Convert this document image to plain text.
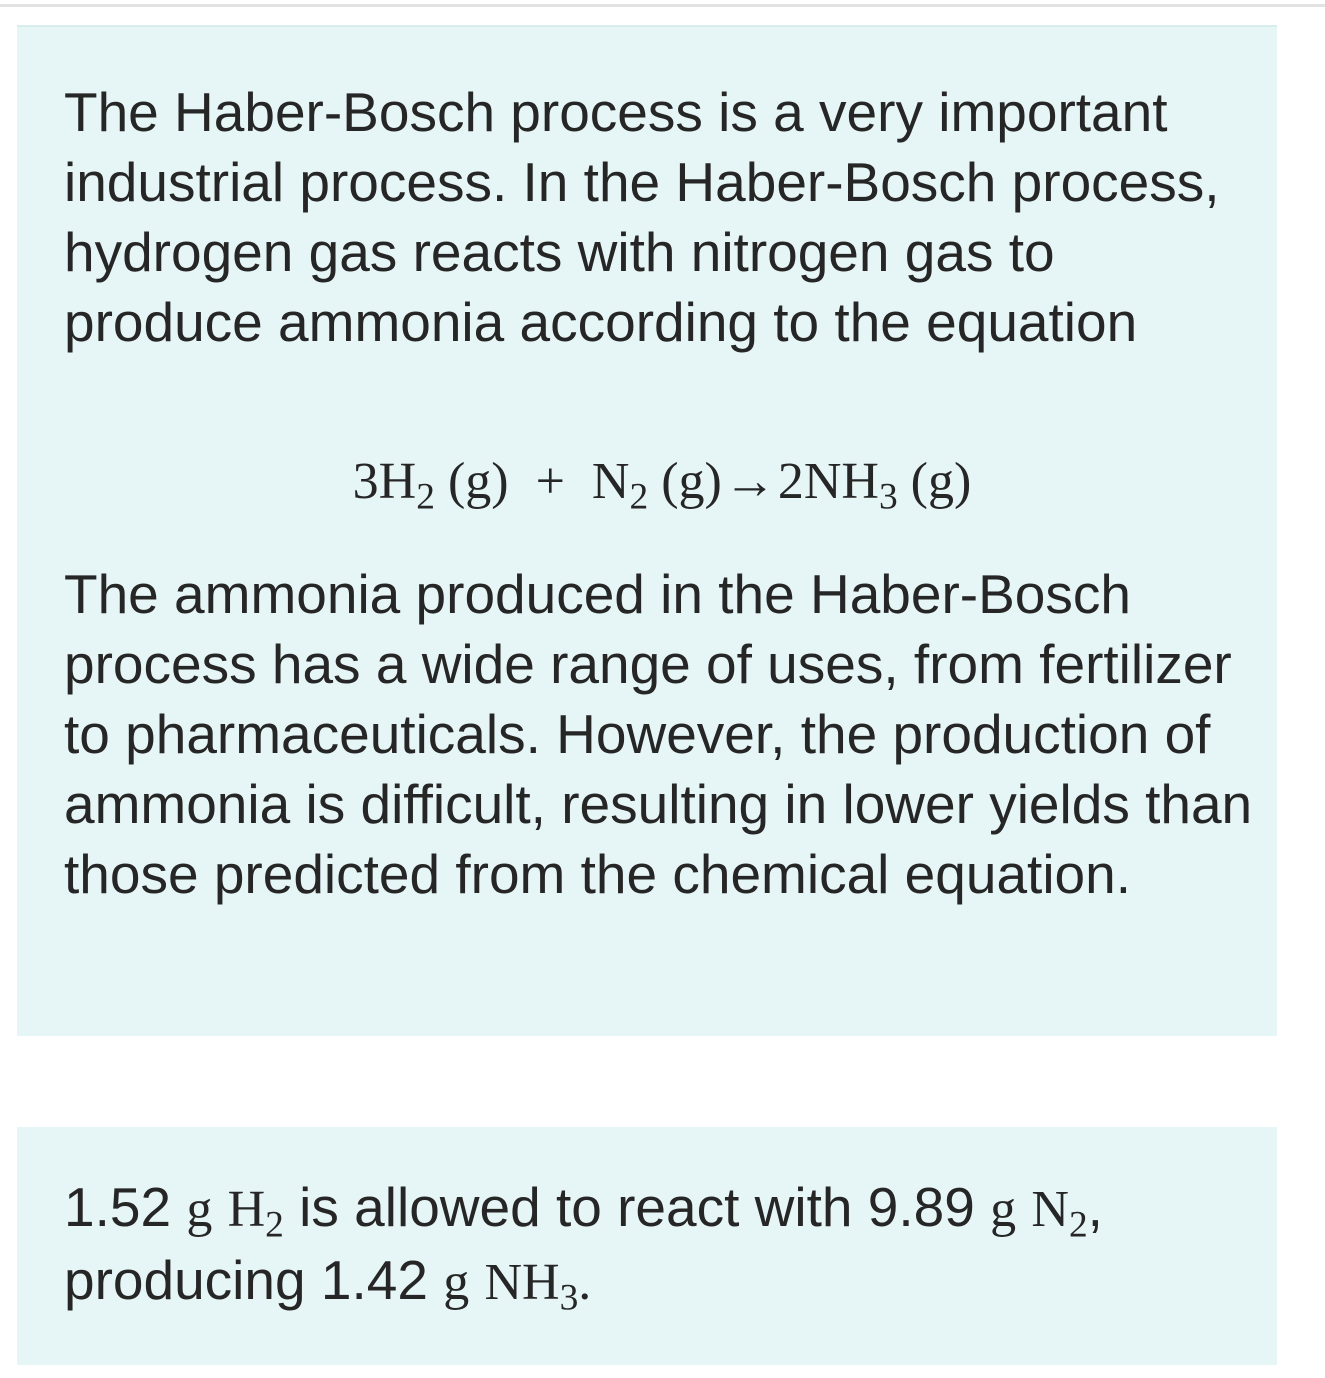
The Haber-Bosch process is a very important industrial process. In the Haber-Bosch process, hydrogen gas reacts with nitrogen gas to produce ammonia according to the equation

$3H_2$ $(g) + N_2$ $(g)\to 2NH_3$ (g)

The ammonia produced in the Haber-Bosch process has a wide range of uses, from fertilizer to pharmaceuticals. However, the production of ammonia is difficult, resulting in lower yields than those predicted from the chemical equation.

1.52 g $H_2$ is allowed to react with 9.89 g $N_2$, producing 1.42 g $NH_3$.
